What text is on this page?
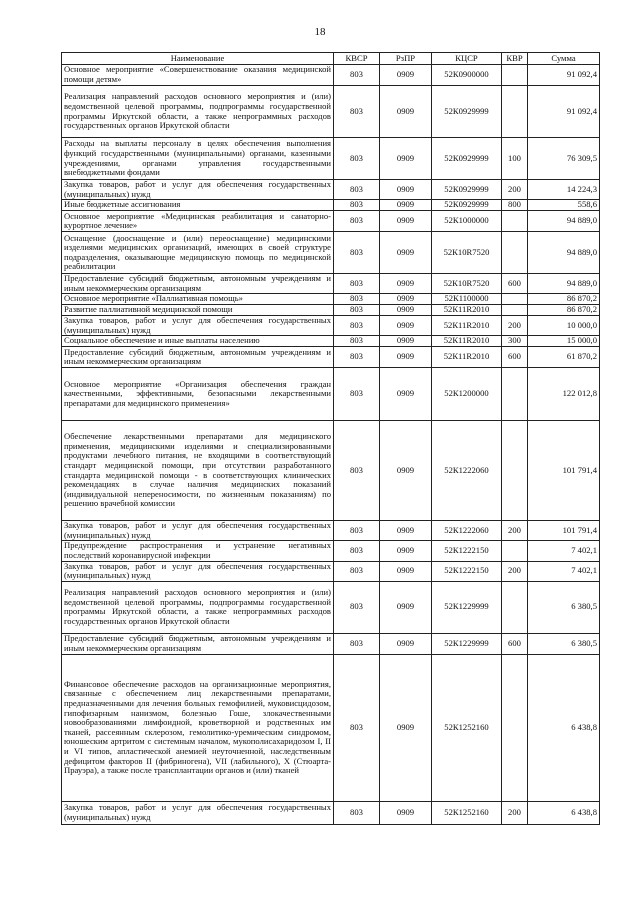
18
Наименование	КВСР	РзПР	КЦСР	КВР	Сумма
Основное мероприятие «Совершенствование оказания медицинской помощи детям»	803	0909	52К0900000		91 092,4
Реализация направлений расходов основного мероприятия и (или) ведомственной целевой программы, подпрограммы государственной программы Иркутской области, а также непрограммных расходов государственных органов Иркутской области	803	0909	52К0929999		91 092,4
Расходы на выплаты персоналу в целях обеспечения выполнения функций государственными (муниципальными) органами, казенными учреждениями, органами управления государственными внебюджетными фондами	803	0909	52К0929999	100	76 309,5
Закупка товаров, работ и услуг для обеспечения государственных (муниципальных) нужд	803	0909	52К0929999	200	14 224,3
Иные бюджетные ассигнования	803	0909	52К0929999	800	558,6
Основное мероприятие «Медицинская реабилитация и санаторно-курортное лечение»	803	0909	52К1000000		94 889,0
Оснащение (дооснащение и (или) переоснащение) медицинскими изделиями медицинских организаций, имеющих в своей структуре подразделения, оказывающие медицинскую помощь по медицинской реабилитации	803	0909	52К10R7520		94 889,0
Предоставление субсидий бюджетным, автономным учреждениям и иным некоммерческим организациям	803	0909	52К10R7520	600	94 889,0
Основное мероприятие «Паллиативная помощь»	803	0909	52К1100000		86 870,2
Развитие паллиативной медицинской помощи	803	0909	52К11R2010		86 870,2
Закупка товаров, работ и услуг для обеспечения государственных (муниципальных) нужд	803	0909	52К11R2010	200	10 000,0
Социальное обеспечение и иные выплаты населению	803	0909	52К11R2010	300	15 000,0
Предоставление субсидий бюджетным, автономным учреждениям и иным некоммерческим организациям	803	0909	52К11R2010	600	61 870,2
Основное мероприятие «Организация обеспечения граждан качественными, эффективными, безопасными лекарственными препаратами для медицинского применения»	803	0909	52К1200000		122 012,8
Обеспечение лекарственными препаратами для медицинского применения, медицинскими изделиями и специализированными продуктами лечебного питания, не входящими в соответствующий стандарт медицинской помощи, при отсутствии разработанного стандарта медицинской помощи - в соответствующих клинических рекомендациях в случае наличия медицинских показаний (индивидуальной непереносимости, по жизненным показаниям) по решению врачебной комиссии	803	0909	52К1222060		101 791,4
Закупка товаров, работ и услуг для обеспечения государственных (муниципальных) нужд	803	0909	52К1222060	200	101 791,4
Предупреждение распространения и устранение негативных последствий коронавирусной инфекции	803	0909	52К1222150		7 402,1
Закупка товаров, работ и услуг для обеспечения государственных (муниципальных) нужд	803	0909	52К1222150	200	7 402,1
Реализация направлений расходов основного мероприятия и (или) ведомственной целевой программы, подпрограммы государственной программы Иркутской области, а также непрограммных расходов государственных органов Иркутской области	803	0909	52К1229999		6 380,5
Предоставление субсидий бюджетным, автономным учреждениям и иным некоммерческим организациям	803	0909	52К1229999	600	6 380,5
Финансовое обеспечение расходов на организационные мероприятия, связанные с обеспечением лиц лекарственными препаратами, предназначенными для лечения больных гемофилией, муковисцидозом, гипофизарным нанизмом, болезнью Гоше, злокачественными новообразованиями лимфоидной, кроветворной и родственных им тканей, рассеянным склерозом, гемолитико-уремическим синдромом, юношеским артритом с системным началом, мукополисахаридозом I, II и VI типов, апластической анемией неуточненной, наследственным дефицитом факторов II (фибриногена), VII (лабильного), X (Стюарта-Прауэра), а также после трансплантации органов и (или) тканей	803	0909	52К1252160		6 438,8
Закупка товаров, работ и услуг для обеспечения государственных (муниципальных) нужд	803	0909	52К1252160	200	6 438,8
